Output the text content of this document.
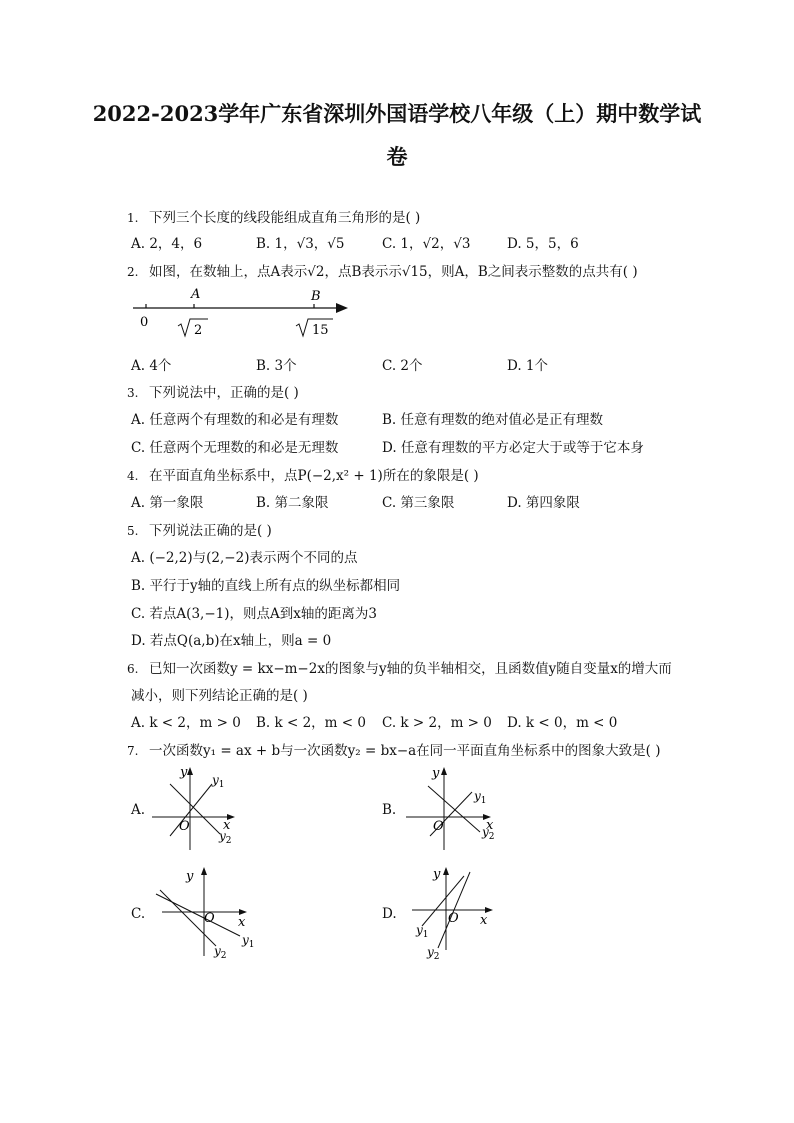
2022-2023学年广东省深圳外国语学校八年级（上）期中数学试
卷
1. 下列三个长度的线段能组成直角三角形的是( )
A. 2，4，6	B. 1，√3，√5	C. 1，√2，√3	D. 5，5，6
2. 如图，在数轴上，点A表示√2，点B表示示√15，则A，B之间表示整数的点共有( )
0
A	B
2	15
A. 4个	B. 3个	C. 2个	D. 1个
3. 下列说法中，正确的是( )
A. 任意两个有理数的和必是有理数	B. 任意有理数的绝对值必是正有理数
C. 任意两个无理数的和必是无理数	D. 任意有理数的平方必定大于或等于它本身
4. 在平面直角坐标系中，点P(−2,x² + 1)所在的象限是( )
A. 第一象限	B. 第二象限	C. 第三象限	D. 第四象限
5. 下列说法正确的是( )
A. (−2,2)与(2,−2)表示两个不同的点
B. 平行于y轴的直线上所有点的纵坐标都相同
C. 若点A(3,−1)，则点A到x轴的距离为3
D. 若点Q(a,b)在x轴上，则a = 0
6. 已知一次函数y = kx−m−2x的图象与y轴的负半轴相交，且函数值y随自变量x的增大而
减小，则下列结论正确的是( )
A. k < 2，m > 0 B. k < 2，m < 0 C. k > 2，m > 0 D. k < 0，m < 0
7. 一次函数y₁ = ax + b与一次函数y₂ = bx−a在同一平面直角坐标系中的图象大致是( )
A.
y
x
O
$y_1$
$y_2$
B.
y
x
O
$y_1$
$y_2$
C.
y
x
O
$y_1$
$y_2$
D.
y
x
O
$y_1$
$y_2$
